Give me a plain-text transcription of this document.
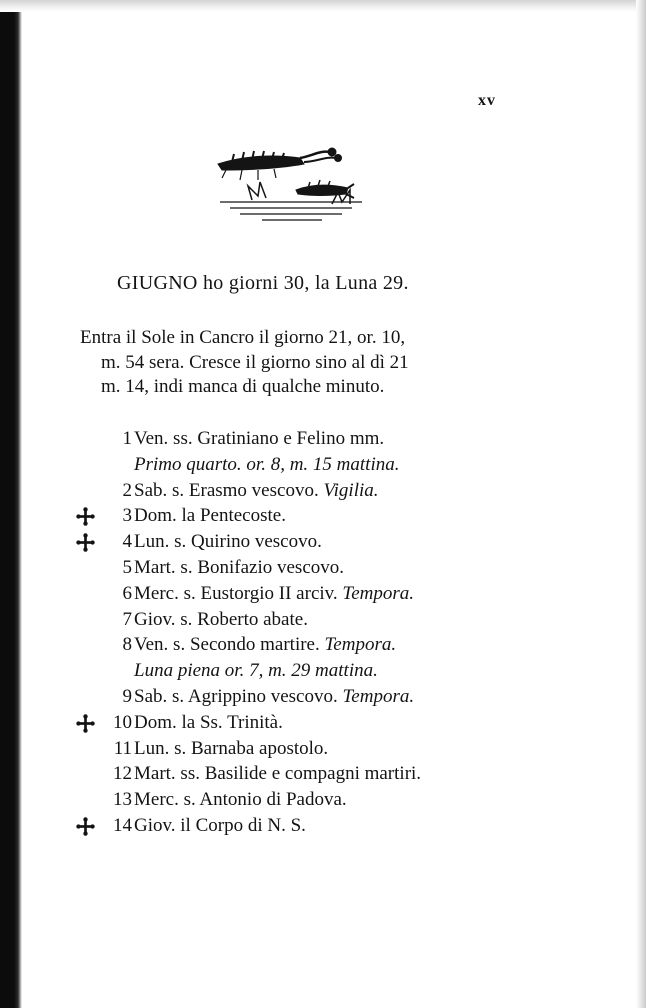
xv
GIUGNO ho giorni 30, la Luna 29.
Entra il Sole in Cancro il giorno 21, or. 10,
m. 54 sera. Cresce il giorno sino al dì 21
m. 14, indi manca di qualche minuto.
1 Ven. ss. Gratiniano e Felino mm.
Primo quarto. or. 8, m. 15 mattina.
2 Sab. s. Erasmo vescovo. Vigilia.
3 Dom. la Pentecoste.
4 Lun. s. Quirino vescovo.
5 Mart. s. Bonifazio vescovo.
6 Merc. s. Eustorgio II arciv. Tempora.
7 Giov. s. Roberto abate.
8 Ven. s. Secondo martire. Tempora.
Luna piena or. 7, m. 29 mattina.
9 Sab. s. Agrippino vescovo. Tempora.
10 Dom. la Ss. Trinità.
11 Lun. s. Barnaba apostolo.
12 Mart. ss. Basilide e compagni martiri.
13 Merc. s. Antonio di Padova.
14 Giov. il Corpo di N. S.
